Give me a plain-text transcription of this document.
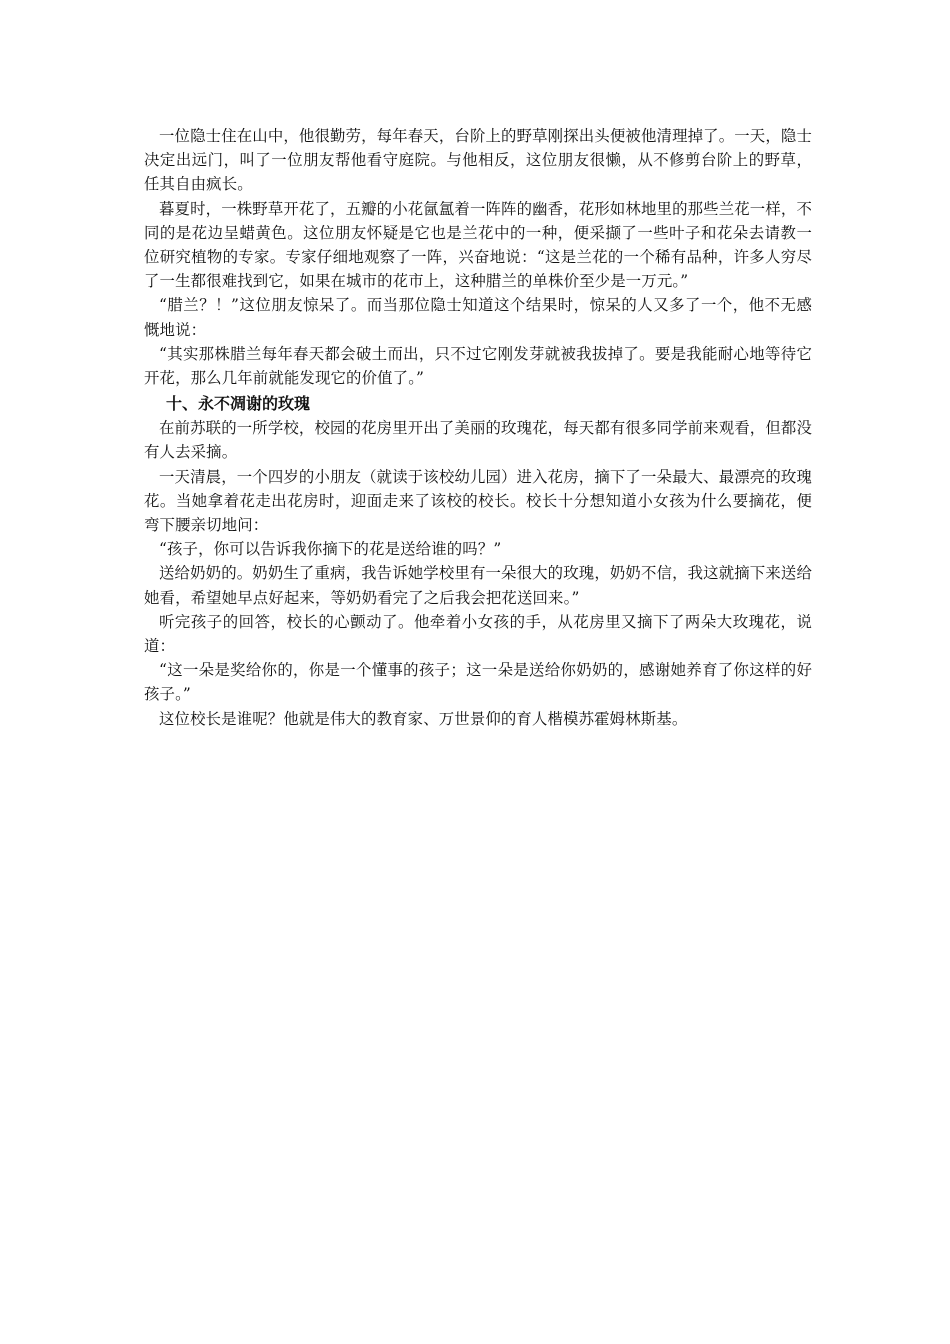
一位隐士住在山中，他很勤劳，每年春天，台阶上的野草刚探出头便被他清理掉了。一天，隐士决定出远门，叫了一位朋友帮他看守庭院。与他相反，这位朋友很懒，从不修剪台阶上的野草，任其自由疯长。

暮夏时，一株野草开花了，五瓣的小花氤氲着一阵阵的幽香，花形如林地里的那些兰花一样，不同的是花边呈蜡黄色。这位朋友怀疑是它也是兰花中的一种，便采撷了一些叶子和花朵去请教一位研究植物的专家。专家仔细地观察了一阵，兴奋地说：“这是兰花的一个稀有品种，许多人穷尽了一生都很难找到它，如果在城市的花市上，这种腊兰的单株价至少是一万元。”

“腊兰？！”这位朋友惊呆了。而当那位隐士知道这个结果时，惊呆的人又多了一个，他不无感慨地说：

“其实那株腊兰每年春天都会破土而出，只不过它刚发芽就被我拔掉了。要是我能耐心地等待它开花，那么几年前就能发现它的价值了。”

十、永不凋谢的玫瑰

在前苏联的一所学校，校园的花房里开出了美丽的玫瑰花，每天都有很多同学前来观看，但都没有人去采摘。

一天清晨，一个四岁的小朋友（就读于该校幼儿园）进入花房，摘下了一朵最大、最漂亮的玫瑰花。当她拿着花走出花房时，迎面走来了该校的校长。校长十分想知道小女孩为什么要摘花，便弯下腰亲切地问：

“孩子，你可以告诉我你摘下的花是送给谁的吗？”

送给奶奶的。奶奶生了重病，我告诉她学校里有一朵很大的玫瑰，奶奶不信，我这就摘下来送给她看，希望她早点好起来，等奶奶看完了之后我会把花送回来。”

听完孩子的回答，校长的心颤动了。他牵着小女孩的手，从花房里又摘下了两朵大玫瑰花，说道：

“这一朵是奖给你的，你是一个懂事的孩子；这一朵是送给你奶奶的，感谢她养育了你这样的好孩子。”

这位校长是谁呢？他就是伟大的教育家、万世景仰的育人楷模苏霍姆林斯基。
